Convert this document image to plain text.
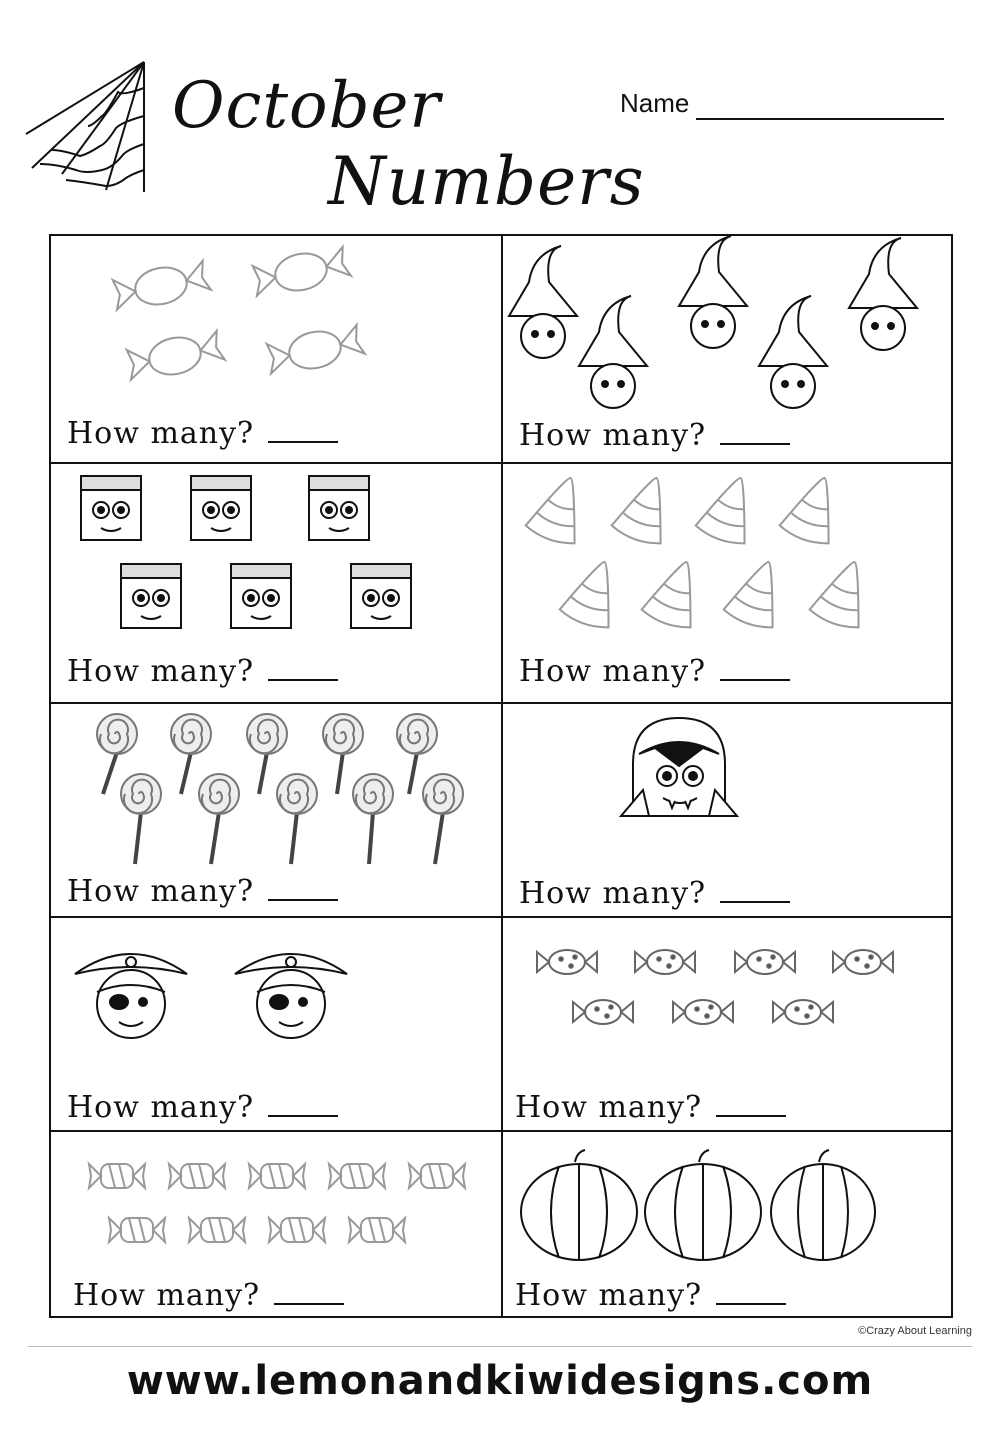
October
Numbers
Name
How many?	How many?
How many?	How many?
How many?	How many?
How many?	How many?
How many?	How many?
©Crazy About Learning
www.lemonandkiwidesigns.com
